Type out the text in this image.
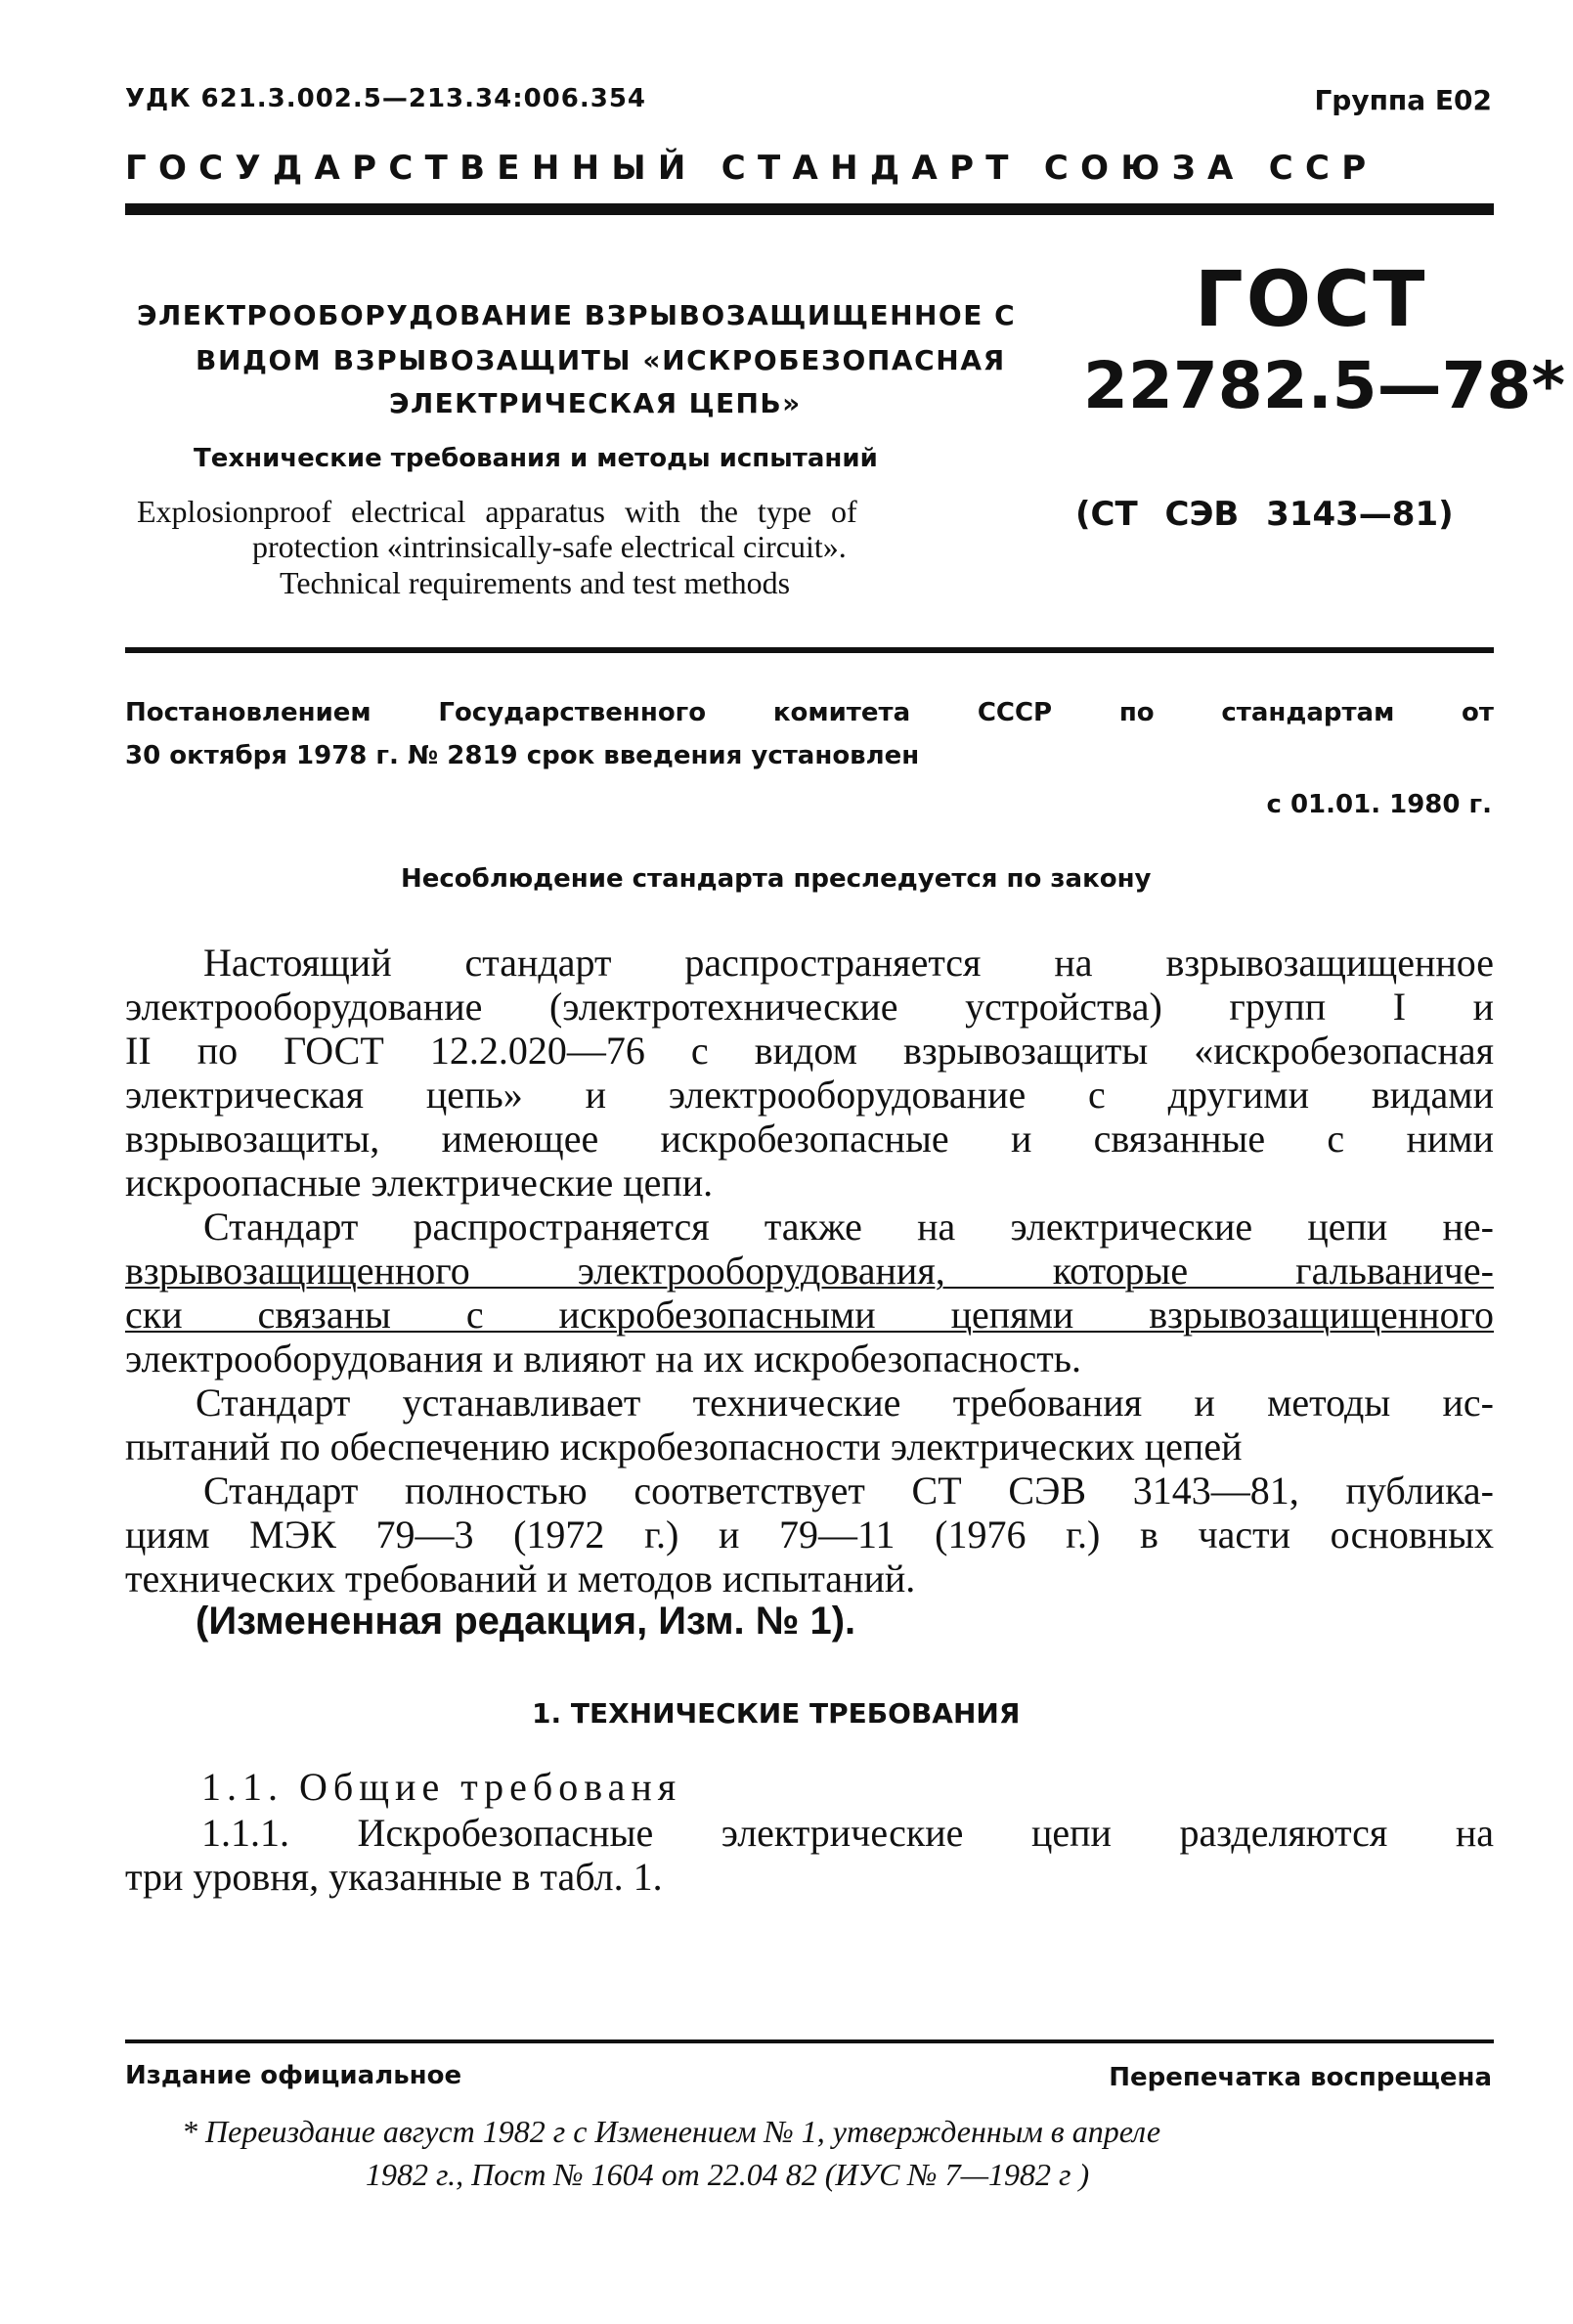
УДК 621.3.002.5—213.34:006.354	Группа Е02
ГОСУДАРСТВЕННЫЙ СТАНДАРТ СОЮЗА ССР
ЭЛЕКТРООБОРУДОВАНИЕ ВЗРЫВОЗАЩИЩЕННОЕ С
ВИДОМ ВЗРЫВОЗАЩИТЫ «ИСКРОБЕЗОПАСНАЯ
ЭЛЕКТРИЧЕСКАЯ ЦЕПЬ»
Технические требования и методы испытаний
Explosionproof electrical apparatus with the type of
protection «intrinsically-safe electrical circuit».
Technical requirements and test methods
ГОСТ
22782.5—78*
(СТ СЭВ 3143—81)
Постановлением Государственного комитета СССР по стандартам от
30 октября 1978 г. № 2819 срок введения установлен
с 01.01. 1980 г.
Несоблюдение стандарта преследуется по закону
Настоящий стандарт распространяется на взрывозащищенное
электрооборудование (электротехнические устройства) групп I и
II по ГОСТ 12.2.020—76 с видом взрывозащиты «искробезопасная
электрическая цепь» и электрооборудование с другими видами
взрывозащиты, имеющее искробезопасные и связанные с ними
искроопасные электрические цепи.
Стандарт распространяется также на электрические цепи не-
взрывозащищенного электрооборудования, которые гальваниче-
ски связаны с искробезопасными цепями взрывозащищенного
электрооборудования и влияют на их искробезопасность.
Стандарт устанавливает технические требования и методы ис-
пытаний по обеспечению искробезопасности электрических цепей
Стандарт полностью соответствует СТ СЭВ 3143—81, публика-
циям МЭК 79—3 (1972 г.) и 79—11 (1976 г.) в части основных
технических требований и методов испытаний.
(Измененная редакция, Изм. № 1).
1. ТЕХНИЧЕСКИЕ ТРЕБОВАНИЯ
1.1. Общие требованя
1.1.1. Искробезопасные электрические цепи разделяются на
три уровня, указанные в табл. 1.
Издание официальное	Перепечатка воспрещена
* Переиздание август 1982 г с Изменением № 1, утвержденным в апреле
1982 г., Пост № 1604 от 22.04 82 (ИУС № 7—1982 г )
